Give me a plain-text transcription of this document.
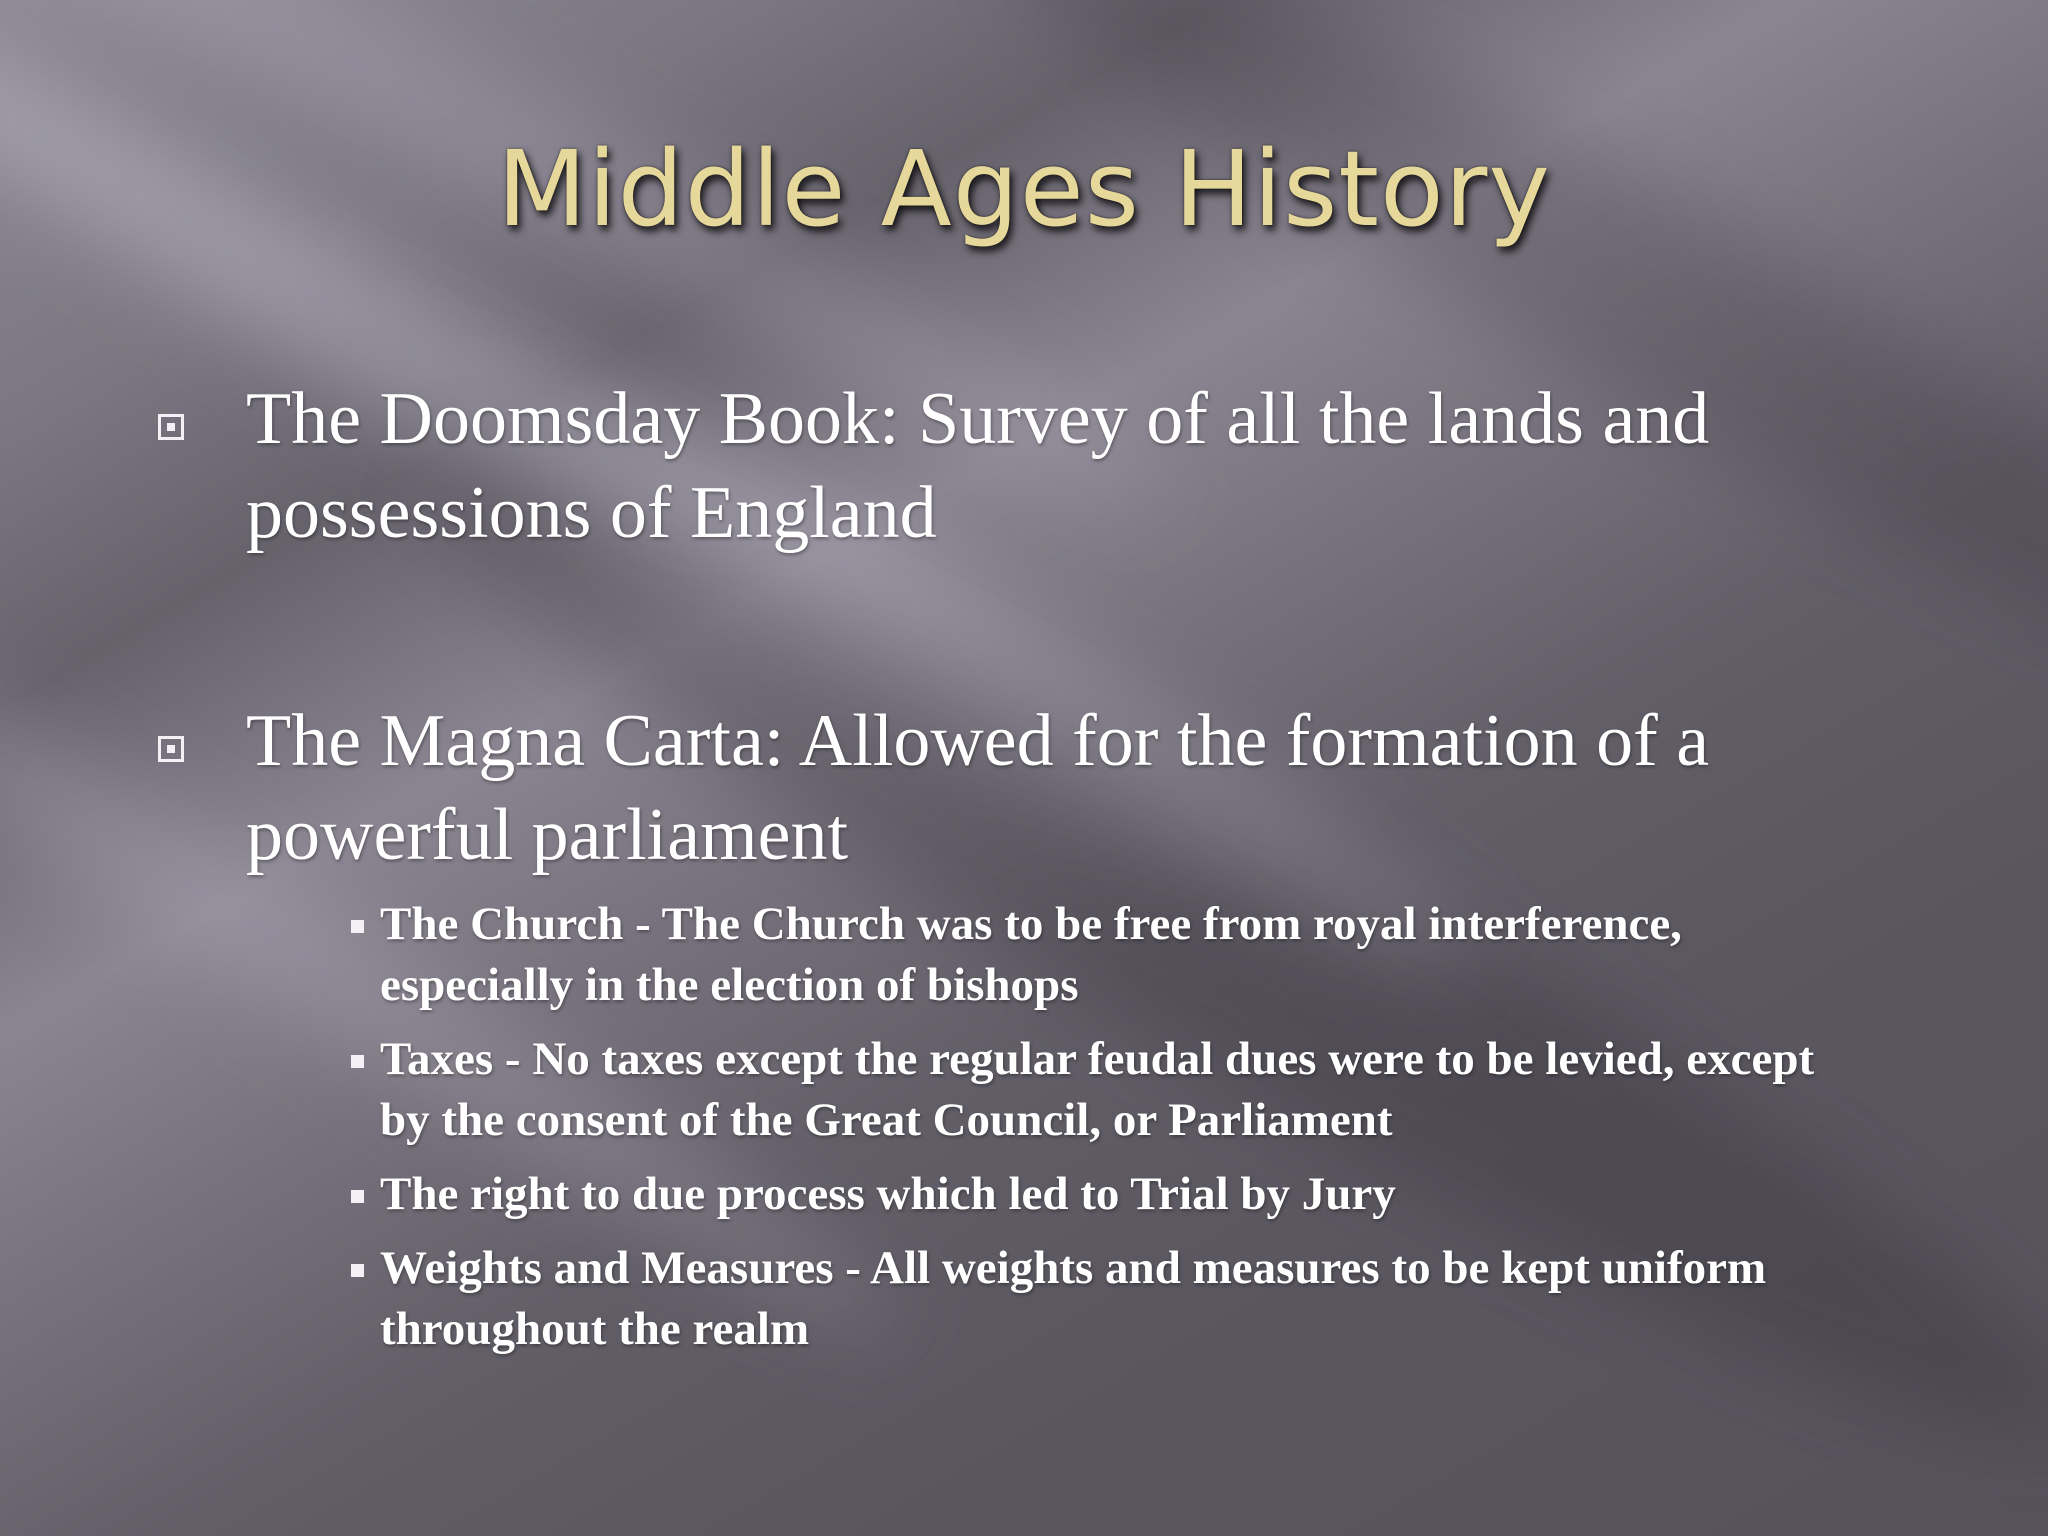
Middle Ages History
The Doomsday Book: Survey of all the lands and possessions of England
The Magna Carta: Allowed for the formation of a powerful parliament
The Church - The Church was to be free from royal interference, especially in the election of bishops
Taxes - No taxes except the regular feudal dues were to be levied, except by the consent of the Great Council, or Parliament
The right to due process which led to Trial by Jury
Weights and Measures - All weights and measures to be kept uniform throughout the realm
